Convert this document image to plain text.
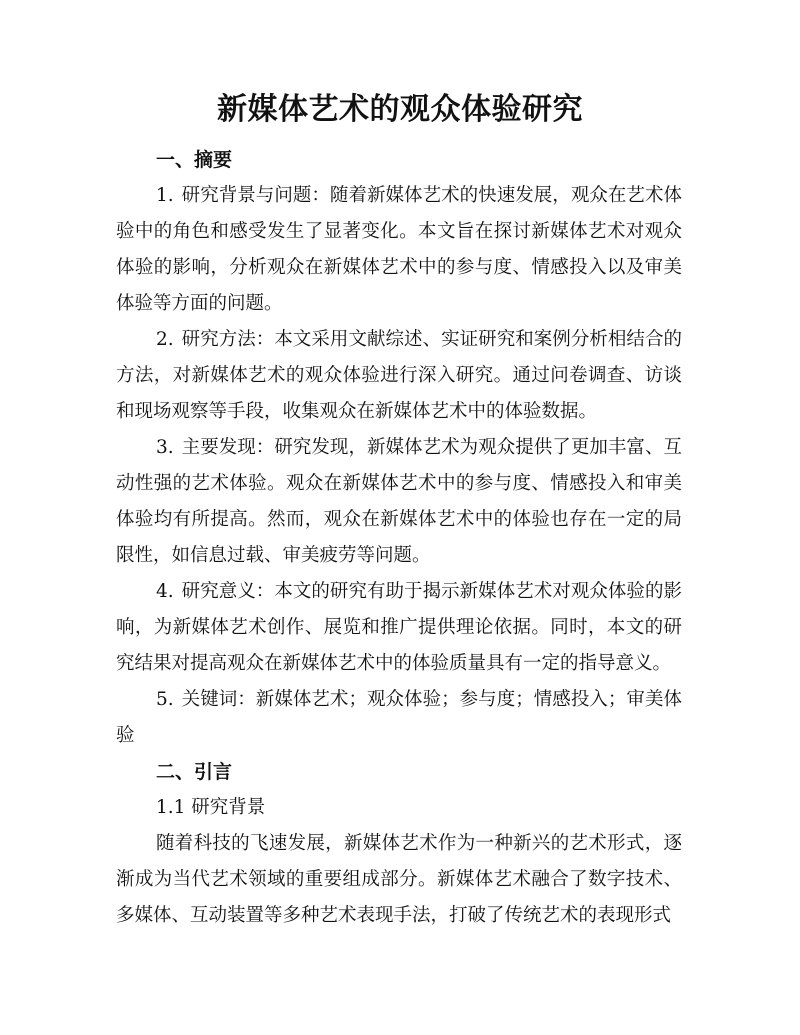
新媒体艺术的观众体验研究

一、摘要

1. 研究背景与问题：随着新媒体艺术的快速发展，观众在艺术体验中的角色和感受发生了显著变化。本文旨在探讨新媒体艺术对观众体验的影响，分析观众在新媒体艺术中的参与度、情感投入以及审美体验等方面的问题。

2. 研究方法：本文采用文献综述、实证研究和案例分析相结合的方法，对新媒体艺术的观众体验进行深入研究。通过问卷调查、访谈和现场观察等手段，收集观众在新媒体艺术中的体验数据。

3. 主要发现：研究发现，新媒体艺术为观众提供了更加丰富、互动性强的艺术体验。观众在新媒体艺术中的参与度、情感投入和审美体验均有所提高。然而，观众在新媒体艺术中的体验也存在一定的局限性，如信息过载、审美疲劳等问题。

4. 研究意义：本文的研究有助于揭示新媒体艺术对观众体验的影响，为新媒体艺术创作、展览和推广提供理论依据。同时，本文的研究结果对提高观众在新媒体艺术中的体验质量具有一定的指导意义。

5. 关键词：新媒体艺术；观众体验；参与度；情感投入；审美体验

二、引言

1.1 研究背景

随着科技的飞速发展，新媒体艺术作为一种新兴的艺术形式，逐渐成为当代艺术领域的重要组成部分。新媒体艺术融合了数字技术、多媒体、互动装置等多种艺术表现手法，打破了传统艺术的表现形式
